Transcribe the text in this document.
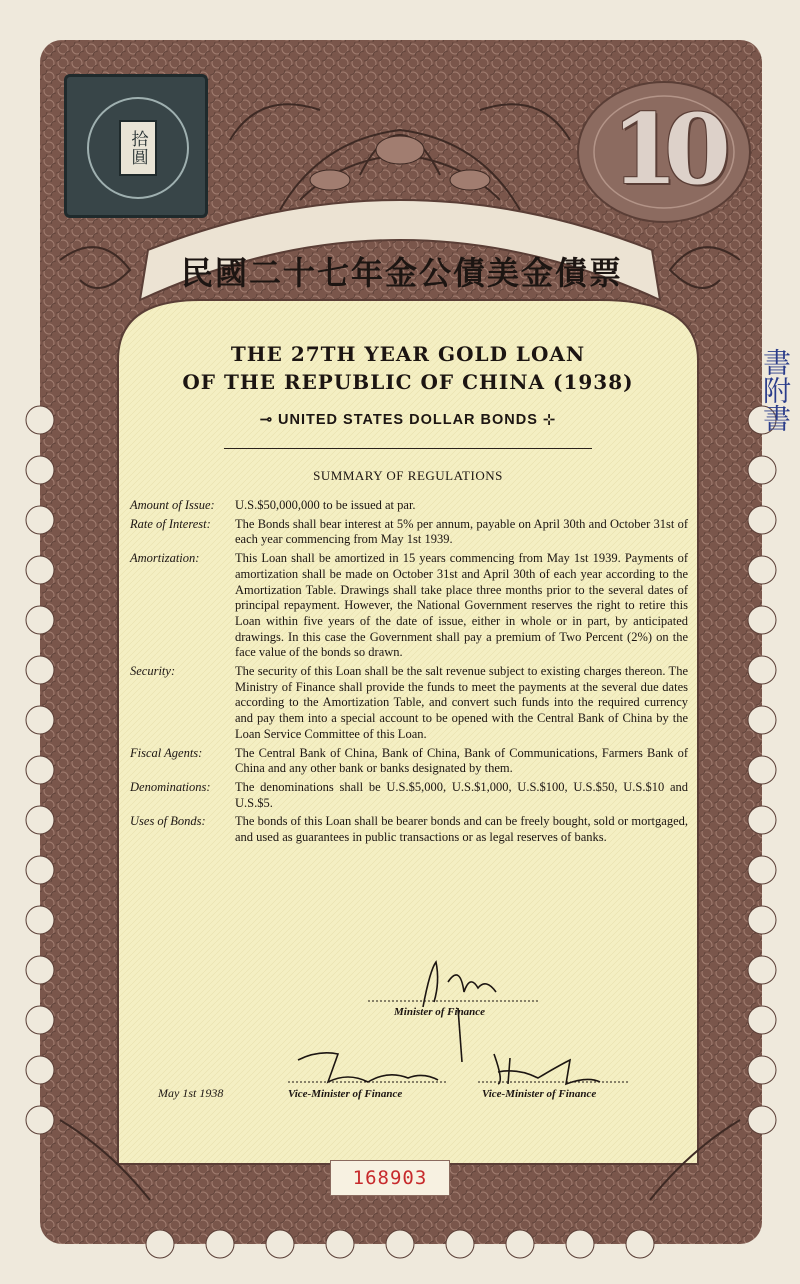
拾圓	10
民國二十七年金公債美金債票
THE 27TH YEAR GOLD LOAN
OF THE REPUBLIC OF CHINA (1938)
⊸ UNITED STATES DOLLAR BONDS ⊹
SUMMARY OF REGULATIONS
Amount of Issue:	U.S.$50,000,000 to be issued at par.
Rate of Interest:	The Bonds shall bear interest at 5% per annum, payable on April 30th and October 31st of each year commencing from May 1st 1939.
Amortization:	This Loan shall be amortized in 15 years commencing from May 1st 1939. Payments of amortization shall be made on October 31st and April 30th of each year according to the Amortization Table. Drawings shall take place three months prior to the several dates of principal repayment. However, the National Government reserves the right to retire this Loan within five years of the date of issue, either in whole or in part, by anticipated drawings. In this case the Government shall pay a premium of Two Percent (2%) on the face value of the bonds so drawn.
Security:	The security of this Loan shall be the salt revenue subject to existing charges thereon. The Ministry of Finance shall provide the funds to meet the payments at the several due dates according to the Amortization Table, and convert such funds into the required currency and pay them into a special account to be opened with the Central Bank of China by the Loan Service Committee of this Loan.
Fiscal Agents:	The Central Bank of China, Bank of China, Bank of Communications, Farmers Bank of China and any other bank or banks designated by them.
Denominations:	The denominations shall be U.S.$5,000, U.S.$1,000, U.S.$100, U.S.$50, U.S.$10 and U.S.$5.
Uses of Bonds:	The bonds of this Loan shall be bearer bonds and can be freely bought, sold or mortgaged, and used as guarantees in public transactions or as legal reserves of banks.
Minister of Finance
Vice-Minister of Finance	Vice-Minister of Finance
May 1st 1938
168903
書附書
